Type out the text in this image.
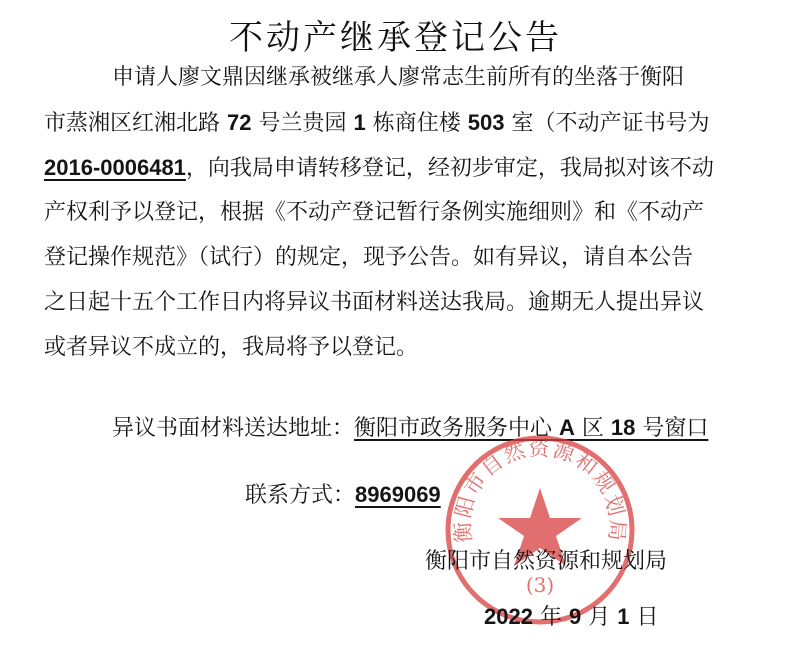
不动产继承登记公告
申请人廖文鼎因继承被继承人廖常志生前所有的坐落于衡阳
市蒸湘区红湘北路 72 号兰贵园 1 栋商住楼 503 室（不动产证书号为
2016-0006481，向我局申请转移登记，经初步审定，我局拟对该不动
产权利予以登记，根据《不动产登记暂行条例实施细则》和《不动产
登记操作规范》（试行）的规定，现予公告。如有异议，请自本公告
之日起十五个工作日内将异议书面材料送达我局。逾期无人提出异议
或者异议不成立的，我局将予以登记。
异议书面材料送达地址：衡阳市政务服务中心 A 区 18 号窗口
联系方式：8969069
衡阳市自然资源和规划局
(3)
衡阳市自然资源和规划局
2022 年 9 月 1 日
